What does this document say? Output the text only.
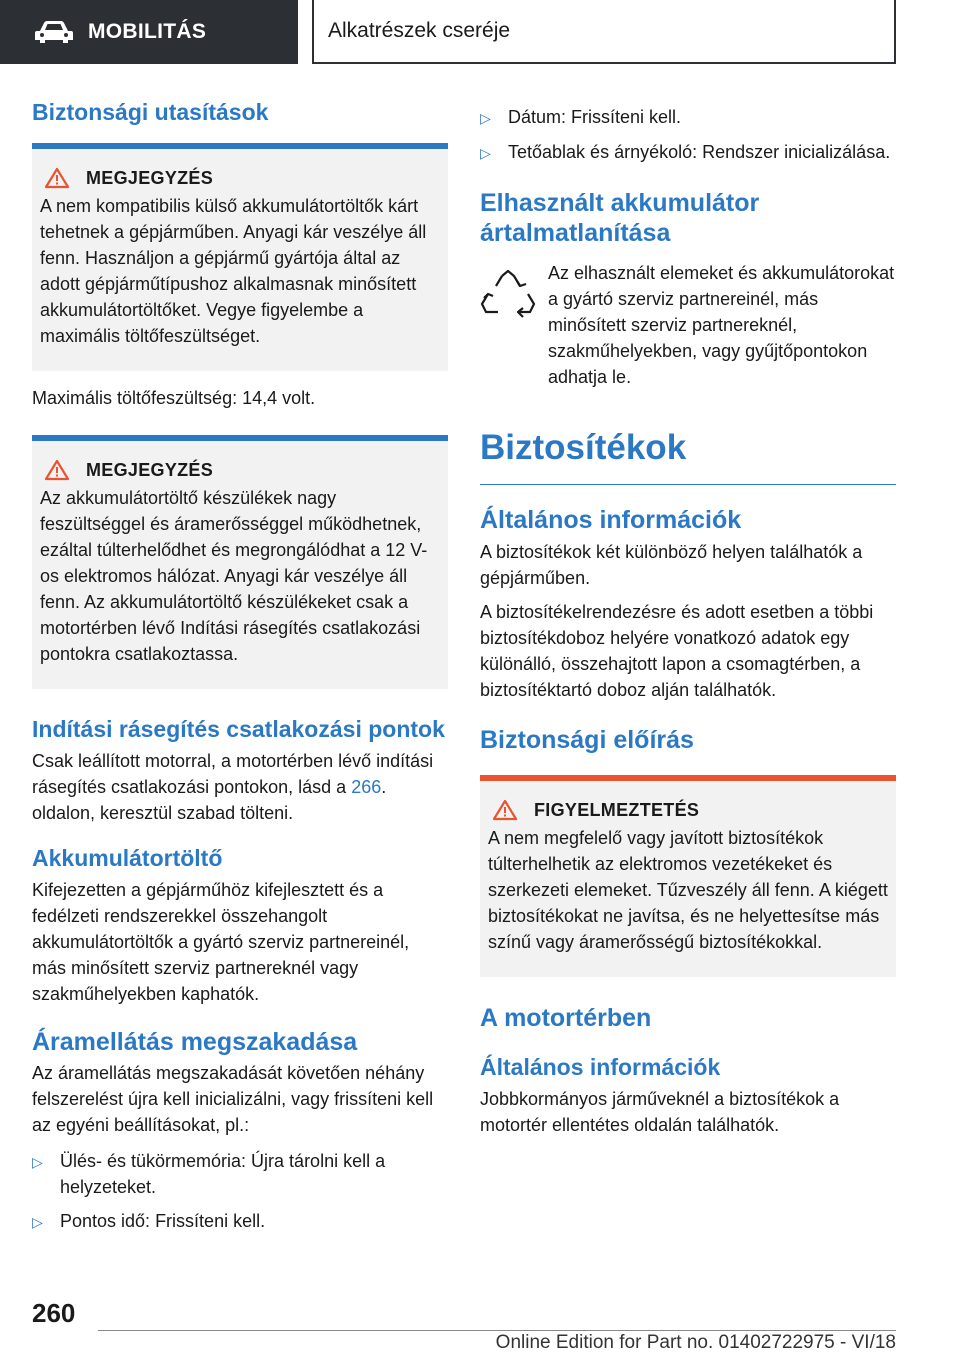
MOBILITÁS	Alkatrészek cseréje
Biztonsági utasítások
MEGJEGYZÉS

A nem kompatibilis külső akkumulátortöltők kárt tehetnek a gépjárműben. Anyagi kár veszélye áll fenn. Használjon a gépjármű gyártója által az adott gépjárműtípushoz alkalmasnak minősített akkumulátortöltőket. Vegye figyelembe a maximális töltőfeszültséget.

Maximális töltőfeszültség: 14,4 volt.

MEGJEGYZÉS

Az akkumulátortöltő készülékek nagy feszültséggel és áramerősséggel működhetnek, ezáltal túlterhelődhet és megrongálódhat a 12 V-os elektromos hálózat. Anyagi kár veszélye áll fenn. Az akkumulátortöltő készülékeket csak a motortérben lévő Indítási rásegítés csatlakozási pontokra csatlakoztassa.

Indítási rásegítés csatlakozási pontok

Csak leállított motorral, a motortérben lévő indítási rásegítés csatlakozási pontokon, lásd a 266. oldalon, keresztül szabad tölteni.

Akkumulátortöltő

Kifejezetten a gépjárműhöz kifejlesztett és a fedélzeti rendszerekkel összehangolt akkumulátortöltők a gyártó szerviz partnereinél, más minősített szerviz partnereknél vagy szakműhelyekben kaphatók.

Áramellátás megszakadása

Az áramellátás megszakadását követően néhány felszerelést újra kell inicializálni, vagy frissíteni kell az egyéni beállításokat, pl.:

▷ Ülés- és tükörmemória: Újra tárolni kell a helyzeteket.
▷ Pontos idő: Frissíteni kell.
▷ Dátum: Frissíteni kell.
▷ Tetőablak és árnyékoló: Rendszer inicializálása.
Elhasznált akkumulátor ártalmatlanítása

Az elhasznált elemeket és akkumulátorokat a gyártó szerviz partnereinél, más minősített szerviz partnereknél, szakműhelyekben, vagy gyűjtőpontokon adhatja le.

Biztosítékok
Általános információk

A biztosítékok két különböző helyen találhatók a gépjárműben.

A biztosítékelrendezésre és adott esetben a többi biztosítékdoboz helyére vonatkozó adatok egy különálló, összehajtott lapon a csomagtérben, a biztosítéktartó doboz alján találhatók.

Biztonsági előírás
FIGYELMEZTETÉS

A nem megfelelő vagy javított biztosítékok túlterhelhetik az elektromos vezetékeket és szerkezeti elemeket. Tűzveszély áll fenn. A kiégett biztosítékokat ne javítsa, és ne helyettesítse más színű vagy áramerősségű biztosítékokkal.

A motortérben
Általános információk

Jobbkormányos járműveknél a biztosítékok a motortér ellentétes oldalán találhatók.

260
Online Edition for Part no. 01402722975 - VI/18
